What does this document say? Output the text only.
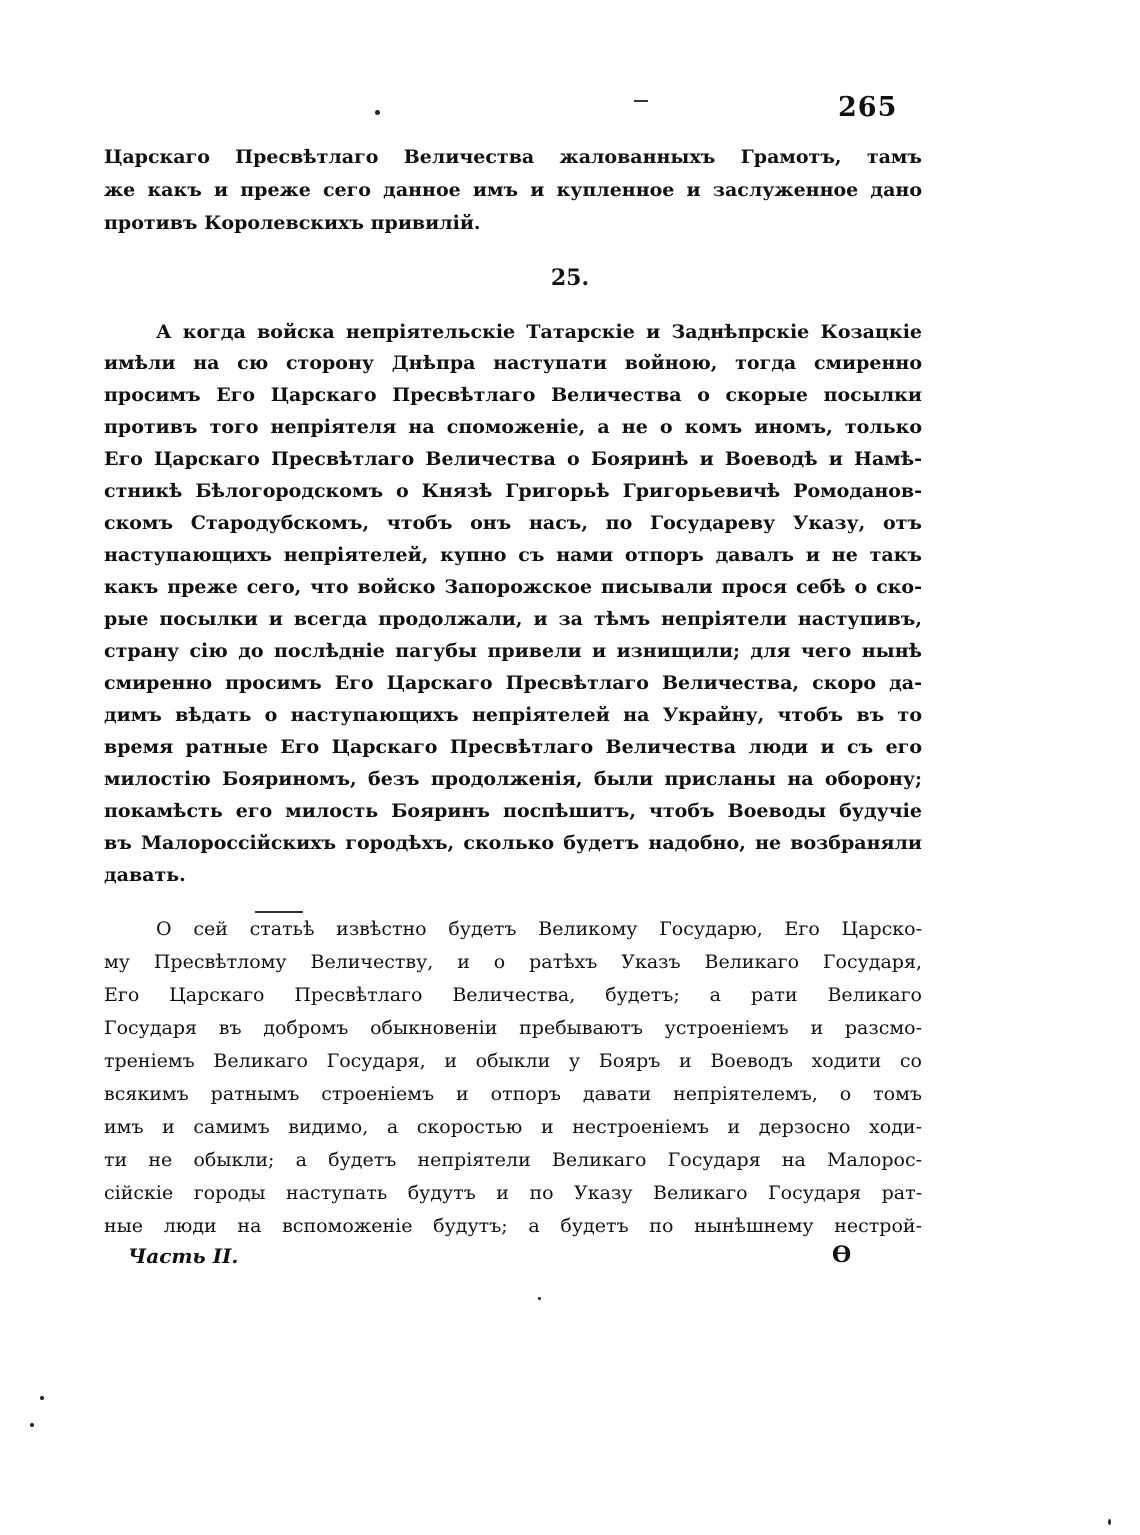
265
Царскаго Пресвѣтлаго Величества жалованныхъ Грамотъ, тамъ
же какъ и преже сего данное имъ и купленное и заслуженное дано
противъ Королевскихъ привилій.
25.
А когда войска непріятельскіе Татарскіе и Заднѣпрскіе Козацкіе
имѣли на сю сторону Днѣпра наступати войною, тогда смиренно
просимъ Его Царскаго Пресвѣтлаго Величества о скорые посылки
противъ того непріятеля на споможеніе, а не о комъ иномъ, только
Его Царскаго Пресвѣтлаго Величества о Бояринѣ и Воеводѣ и Намѣ-
стникѣ Бѣлогородскомъ о Князѣ Григорьѣ Григорьевичѣ Ромоданов-
скомъ Стародубскомъ, чтобъ онъ насъ, по Государеву Указу, отъ
наступающихъ непріятелей, купно съ нами отпоръ давалъ и не такъ
какъ преже сего, что войско Запорожское писывали прося себѣ о ско-
рые посылки и всегда продолжали, и за тѣмъ непріятели наступивъ,
страну сію до послѣдніе пагубы привели и изнищили; для чего нынѣ
смиренно просимъ Его Царскаго Пресвѣтлаго Величества, скоро да-
димъ вѣдать о наступающихъ непріятелей на Украйну, чтобъ въ то
время ратные Его Царскаго Пресвѣтлаго Величества люди и съ его
милостію Бояриномъ, безъ продолженія, были присланы на оборону;
покамѣсть его милость Бояринъ поспѣшитъ, чтобъ Воеводы будучіе
въ Малороссійскихъ городѣхъ, сколько будетъ надобно, не возбраняли
давать.
О сей статьѣ извѣстно будетъ Великому Государю, Его Царско-
му Пресвѣтлому Величеству, и о ратѣхъ Указъ Великаго Государя,
Его Царскаго Пресвѣтлаго Величества, будетъ; а рати Великаго
Государя въ добромъ обыкновеніи пребываютъ устроеніемъ и разсмо-
треніемъ Великаго Государя, и обыкли у Бояръ и Воеводъ ходити со
всякимъ ратнымъ строеніемъ и отпоръ давати непріятелемъ, о томъ
имъ и самимъ видимо, а скоростью и нестроеніемъ и дерзосно ходи-
ти не обыкли; а будетъ непріятели Великаго Государя на Малорос-
сійскіе городы наступать будутъ и по Указу Великаго Государя рат-
ные люди на вспоможеніе будутъ; а будетъ по нынѣшнему нестрой-
Часть II.	Ѳ
